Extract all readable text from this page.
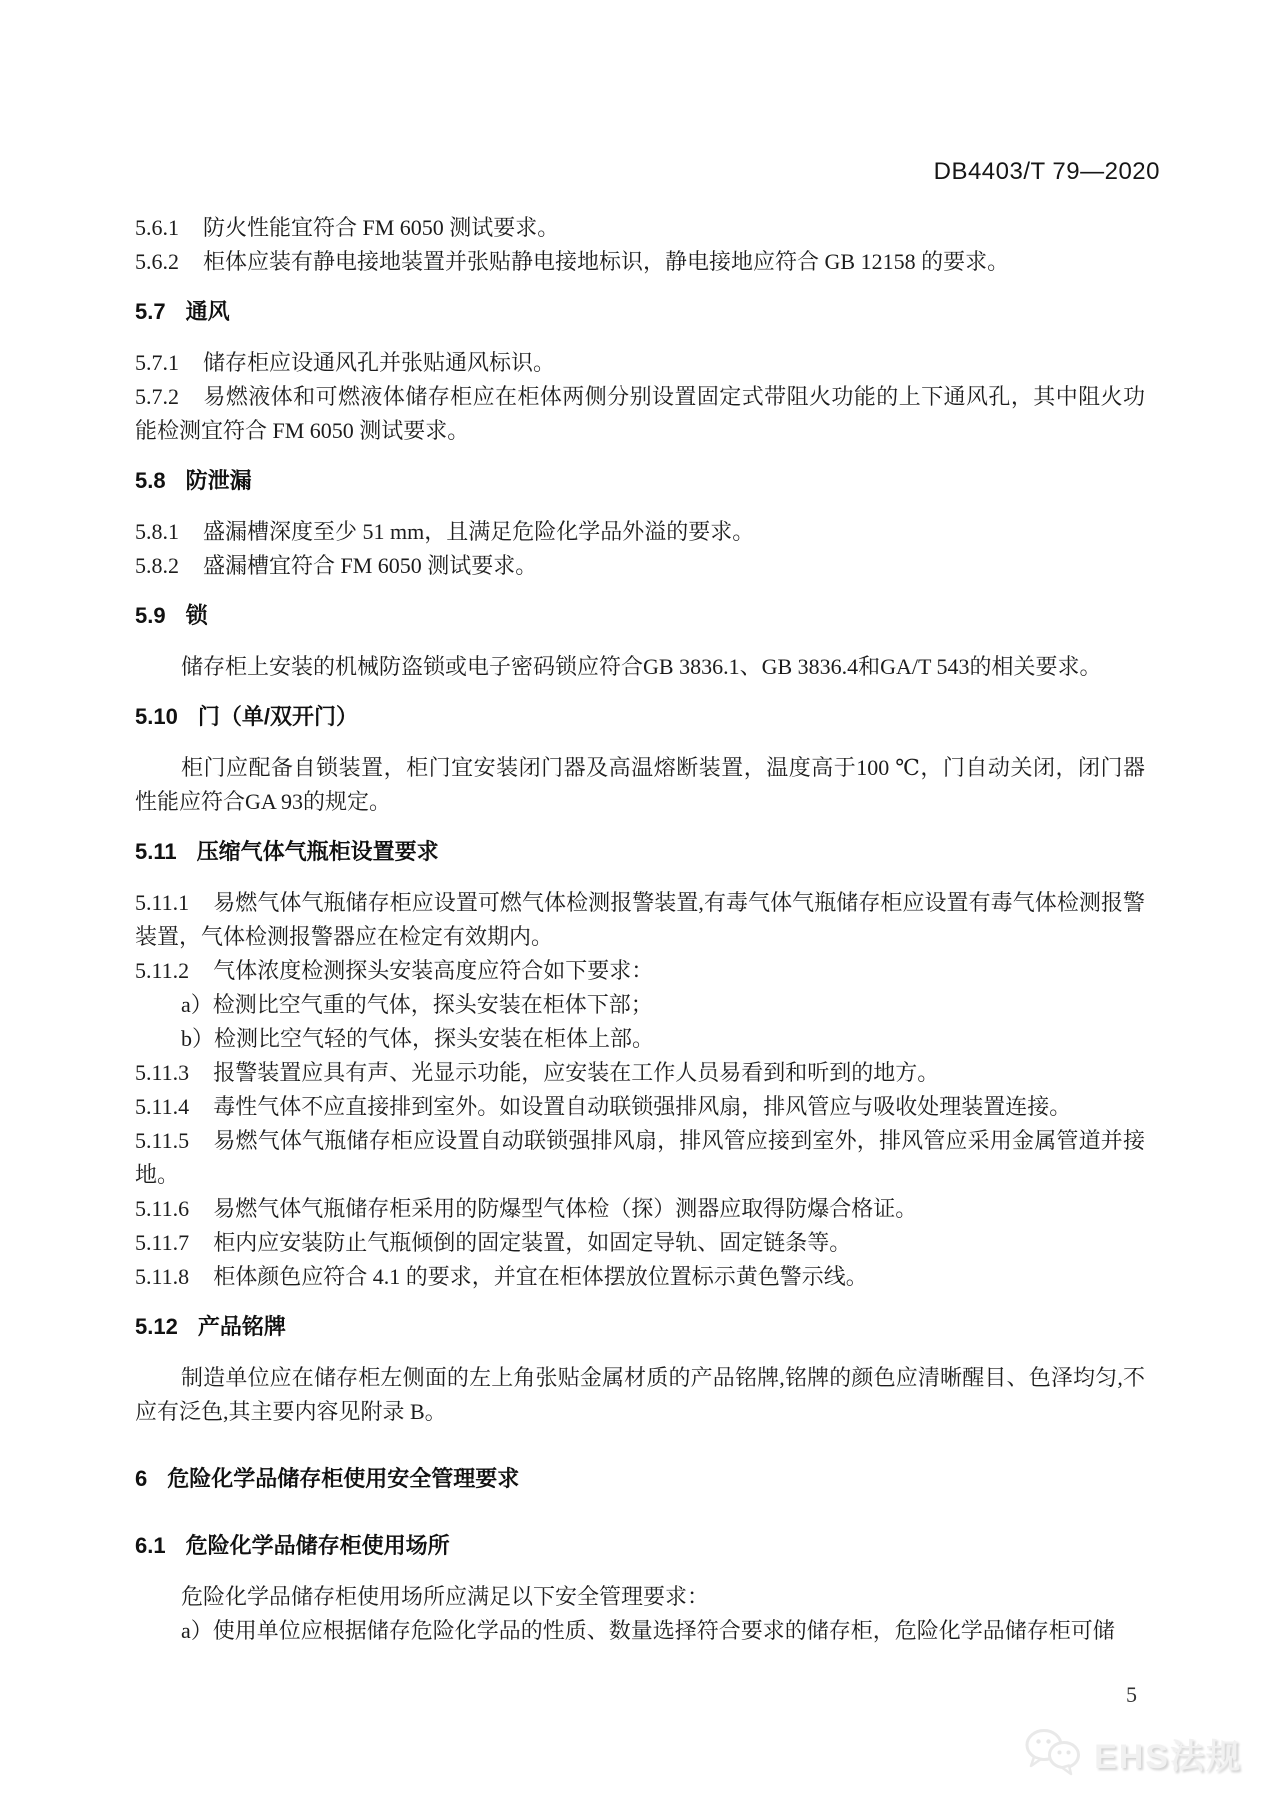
DB4403/T 79—2020
5.6.1 防火性能宜符合 FM 6050 测试要求。
5.6.2 柜体应装有静电接地装置并张贴静电接地标识，静电接地应符合 GB 12158 的要求。
5.7 通风
5.7.1 储存柜应设通风孔并张贴通风标识。
5.7.2 易燃液体和可燃液体储存柜应在柜体两侧分别设置固定式带阻火功能的上下通风孔，其中阻火功能检测宜符合 FM 6050 测试要求。
5.8 防泄漏
5.8.1 盛漏槽深度至少 51 mm，且满足危险化学品外溢的要求。
5.8.2 盛漏槽宜符合 FM 6050 测试要求。
5.9 锁
储存柜上安装的机械防盗锁或电子密码锁应符合GB 3836.1、GB 3836.4和GA/T 543的相关要求。
5.10 门（单/双开门）
柜门应配备自锁装置，柜门宜安装闭门器及高温熔断装置，温度高于100 ℃，门自动关闭，闭门器性能应符合GA 93的规定。
5.11 压缩气体气瓶柜设置要求
5.11.1 易燃气体气瓶储存柜应设置可燃气体检测报警装置,有毒气体气瓶储存柜应设置有毒气体检测报警装置，气体检测报警器应在检定有效期内。
5.11.2 气体浓度检测探头安装高度应符合如下要求：
a）检测比空气重的气体，探头安装在柜体下部；
b）检测比空气轻的气体，探头安装在柜体上部。
5.11.3 报警装置应具有声、光显示功能，应安装在工作人员易看到和听到的地方。
5.11.4 毒性气体不应直接排到室外。如设置自动联锁强排风扇，排风管应与吸收处理装置连接。
5.11.5 易燃气体气瓶储存柜应设置自动联锁强排风扇，排风管应接到室外，排风管应采用金属管道并接地。
5.11.6 易燃气体气瓶储存柜采用的防爆型气体检（探）测器应取得防爆合格证。
5.11.7 柜内应安装防止气瓶倾倒的固定装置，如固定导轨、固定链条等。
5.11.8 柜体颜色应符合 4.1 的要求，并宜在柜体摆放位置标示黄色警示线。
5.12 产品铭牌
制造单位应在储存柜左侧面的左上角张贴金属材质的产品铭牌,铭牌的颜色应清晰醒目、色泽均匀,不应有泛色,其主要内容见附录 B。
6 危险化学品储存柜使用安全管理要求
6.1 危险化学品储存柜使用场所
危险化学品储存柜使用场所应满足以下安全管理要求：
a）使用单位应根据储存危险化学品的性质、数量选择符合要求的储存柜，危险化学品储存柜可储
5
EHS法规
